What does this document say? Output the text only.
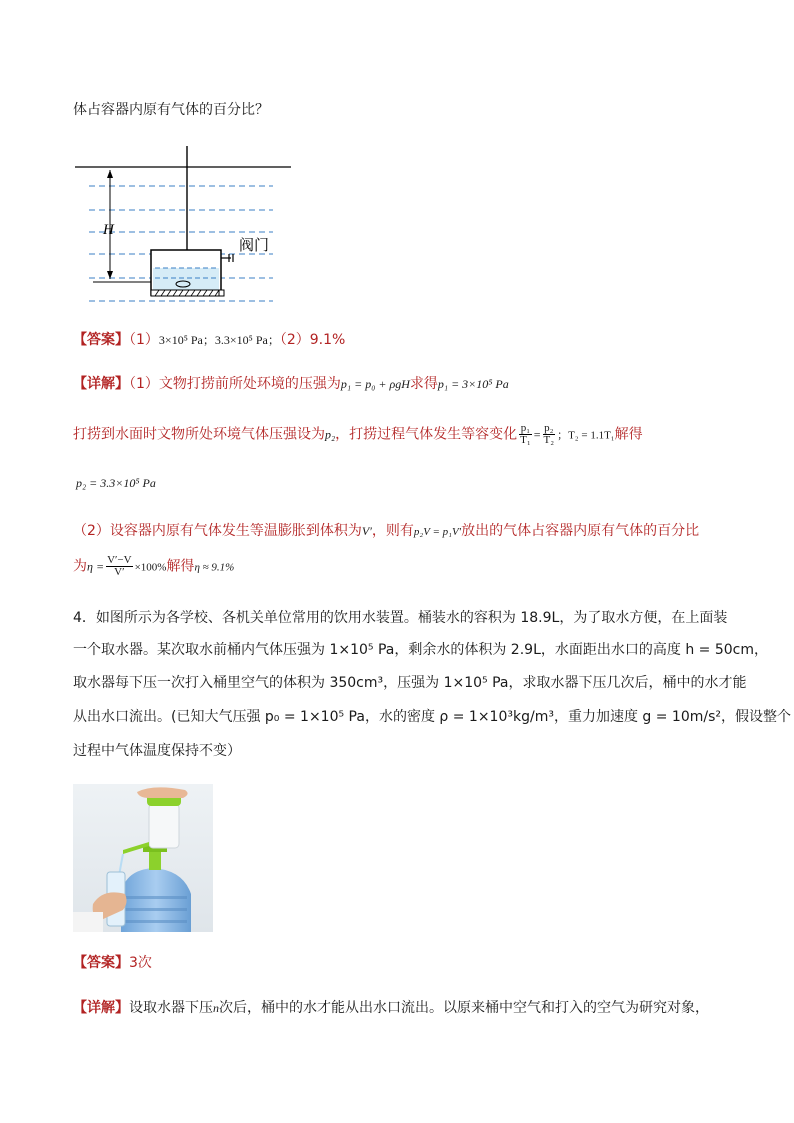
体占容器内原有气体的百分比？
H
阀门
【答案】（1）3×10⁵ Pa；3.3×10⁵ Pa；（2）9.1%
【详解】（1）文物打捞前所处环境的压强为p₁ = p₀ + ρgH求得p₁ = 3×10⁵ Pa
打捞到水面时文物所处环境气体压强设为p₂，打捞过程气体发生等容变化 $\frac{\text{p₁}}{\text{T₁}} = \frac{\text{p₂}}{\text{T₂}}$ ；T₂ = 1.1T₁解得
p₂ = 3.3×10⁵ Pa
（2）设容器内原有气体发生等温膨胀到体积为V′，则有p₂V = p₁V′放出的气体占容器内原有气体的百分比
为$\eta = \frac{V'-V}{V'} \times 100\%$解得η ≈ 9.1%
4．如图所示为各学校、各机关单位常用的饮用水装置。桶装水的容积为 18.9L，为了取水方便，在上面装
一个取水器。某次取水前桶内气体压强为 1×10⁵ Pa，剩余水的体积为 2.9L，水面距出水口的高度 h = 50cm，
取水器每下压一次打入桶里空气的体积为 350cm³，压强为 1×10⁵ Pa，求取水器下压几次后，桶中的水才能
从出水口流出。(已知大气压强 p₀ = 1×10⁵ Pa，水的密度 ρ = 1×10³kg/m³，重力加速度 g = 10m/s²，假设整个
过程中气体温度保持不变）
【答案】3次
【详解】设取水器下压n次后，桶中的水才能从出水口流出。以原来桶中空气和打入的空气为研究对象，
